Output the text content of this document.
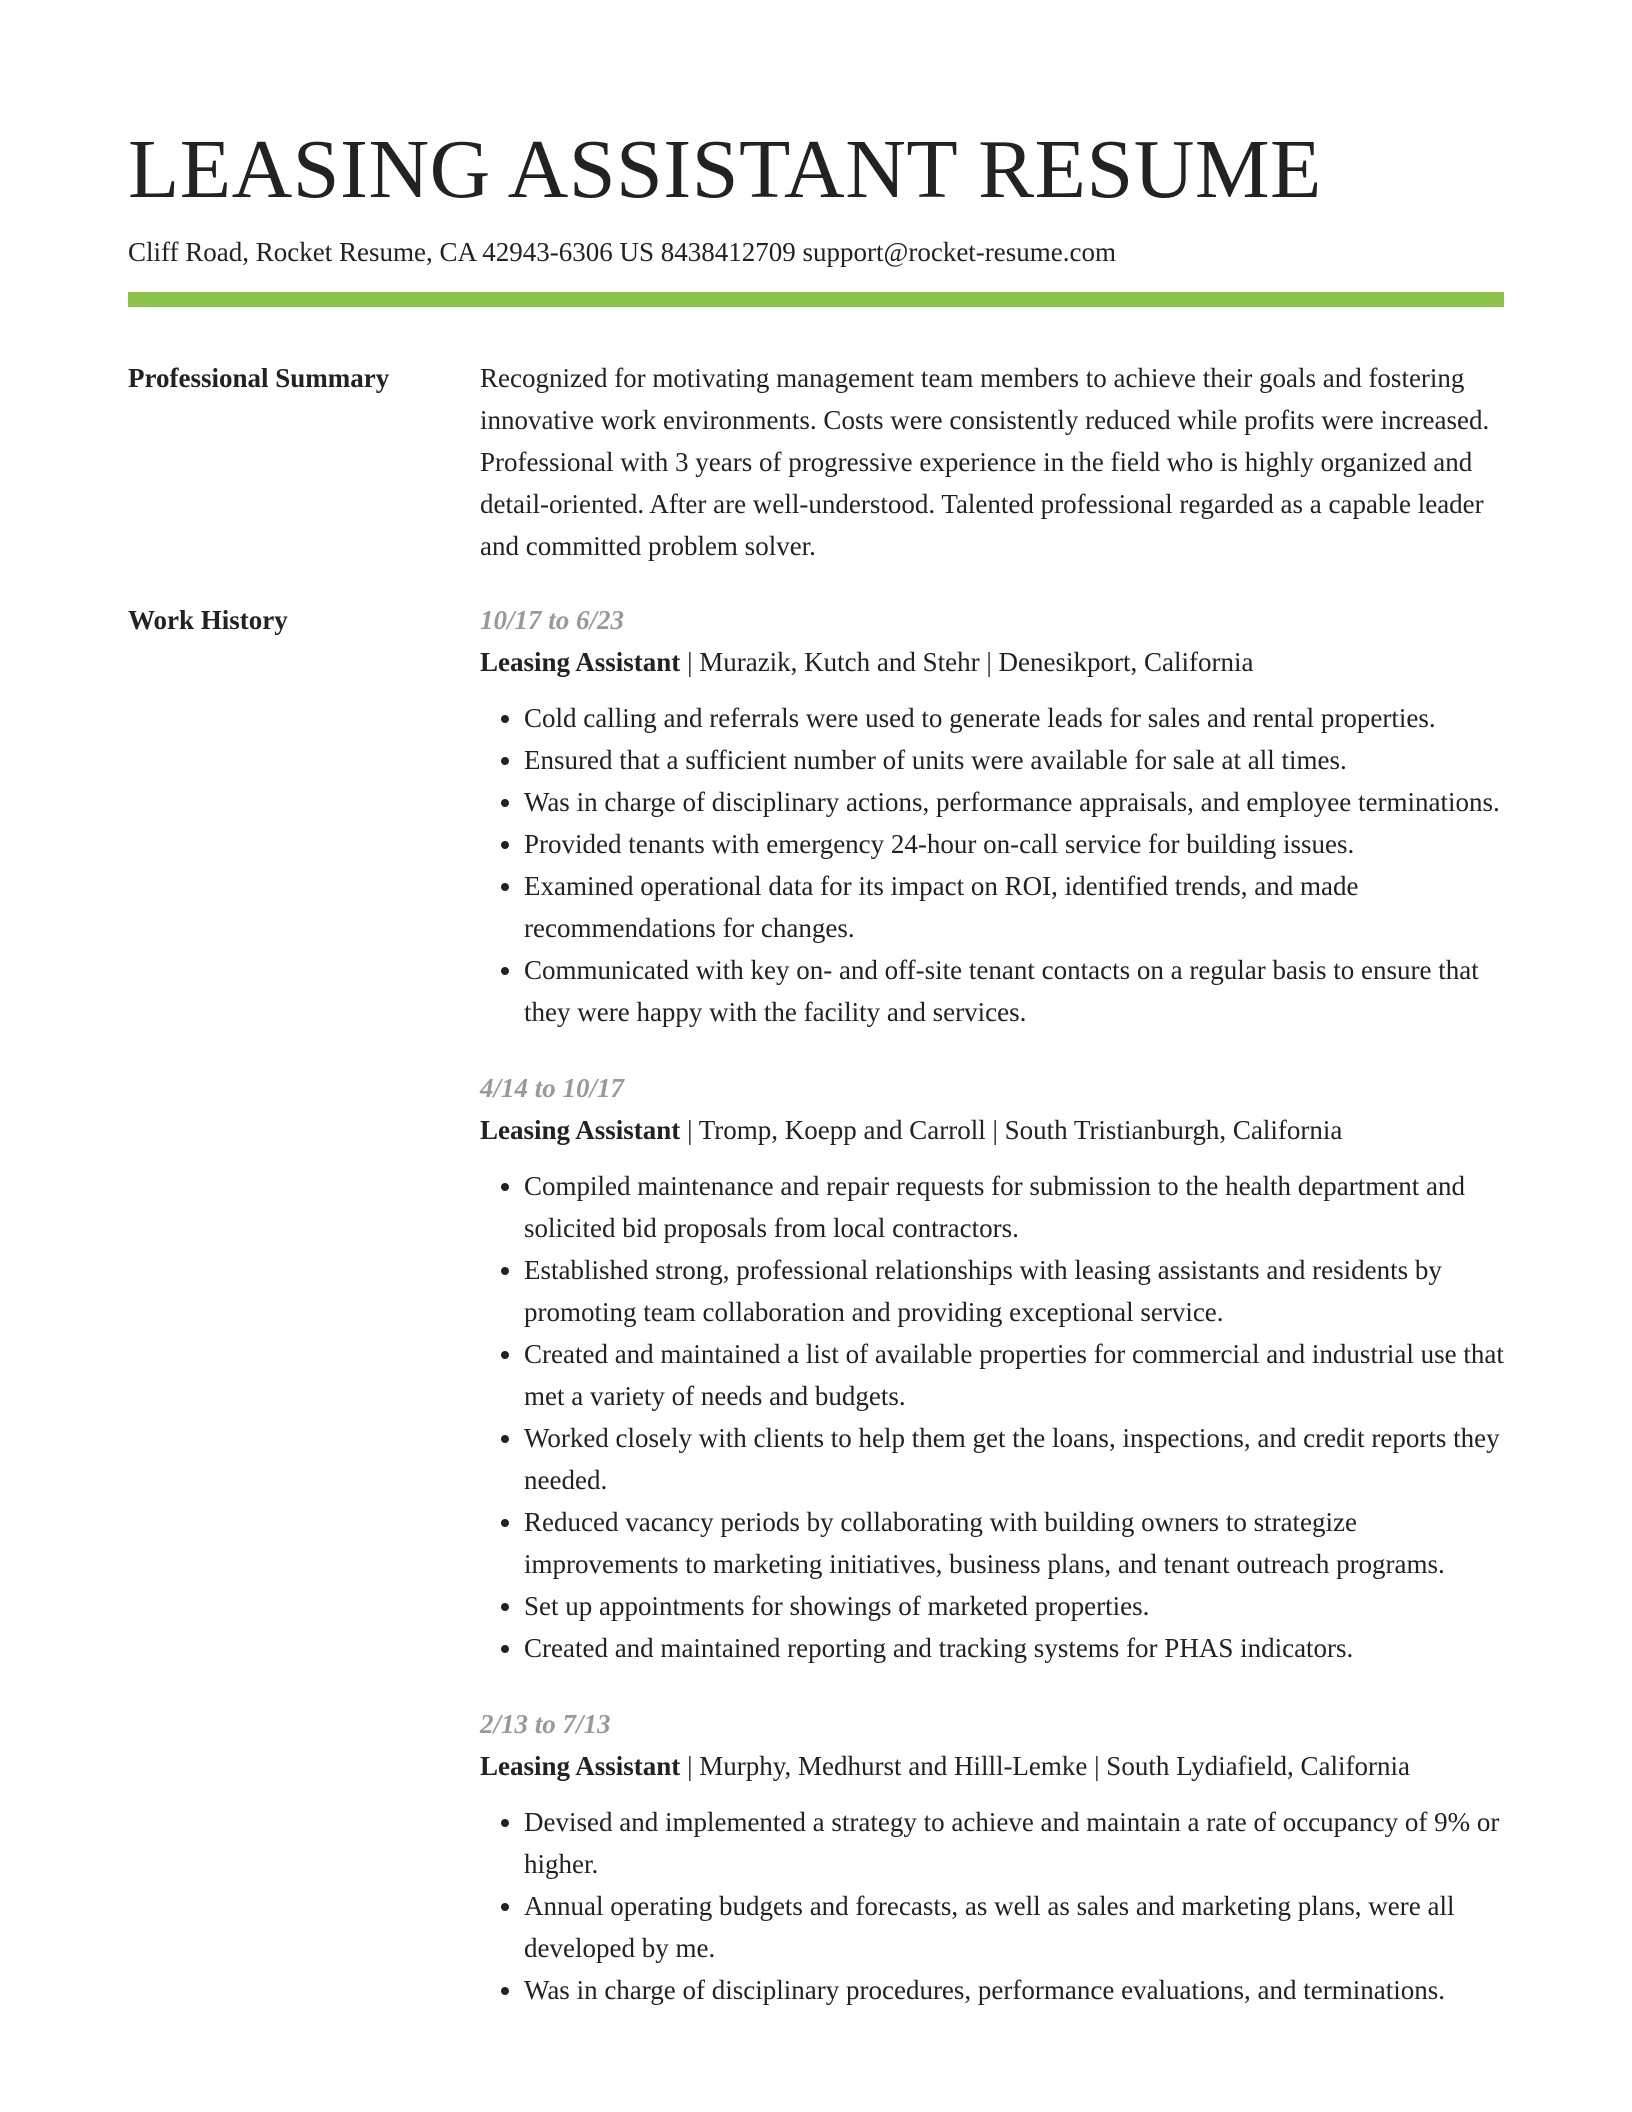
LEASING ASSISTANT RESUME
Cliff Road, Rocket Resume, CA 42943-6306 US 8438412709 support@rocket-resume.com
Professional Summary	Recognized for motivating management team members to achieve their goals and fostering innovative work environments. Costs were consistently reduced while profits were increased. Professional with 3 years of progressive experience in the field who is highly organized and detail-oriented. After are well-understood. Talented professional regarded as a capable leader and committed problem solver.

Work History	10/17 to 6/23

Leasing Assistant | Murazik, Kutch and Stehr | Denesikport, California

• Cold calling and referrals were used to generate leads for sales and rental properties.
• Ensured that a sufficient number of units were available for sale at all times.
• Was in charge of disciplinary actions, performance appraisals, and employee terminations.
• Provided tenants with emergency 24-hour on-call service for building issues.
• Examined operational data for its impact on ROI, identified trends, and made recommendations for changes.
• Communicated with key on- and off-site tenant contacts on a regular basis to ensure that they were happy with the facility and services.
4/14 to 10/17

Leasing Assistant | Tromp, Koepp and Carroll | South Tristianburgh, California

• Compiled maintenance and repair requests for submission to the health department and solicited bid proposals from local contractors.
• Established strong, professional relationships with leasing assistants and residents by promoting team collaboration and providing exceptional service.
• Created and maintained a list of available properties for commercial and industrial use that met a variety of needs and budgets.
• Worked closely with clients to help them get the loans, inspections, and credit reports they needed.
• Reduced vacancy periods by collaborating with building owners to strategize improvements to marketing initiatives, business plans, and tenant outreach programs.
• Set up appointments for showings of marketed properties.
• Created and maintained reporting and tracking systems for PHAS indicators.
2/13 to 7/13

Leasing Assistant | Murphy, Medhurst and Hilll-Lemke | South Lydiafield, California

• Devised and implemented a strategy to achieve and maintain a rate of occupancy of 9% or higher.
• Annual operating budgets and forecasts, as well as sales and marketing plans, were all developed by me.
• Was in charge of disciplinary procedures, performance evaluations, and terminations.
